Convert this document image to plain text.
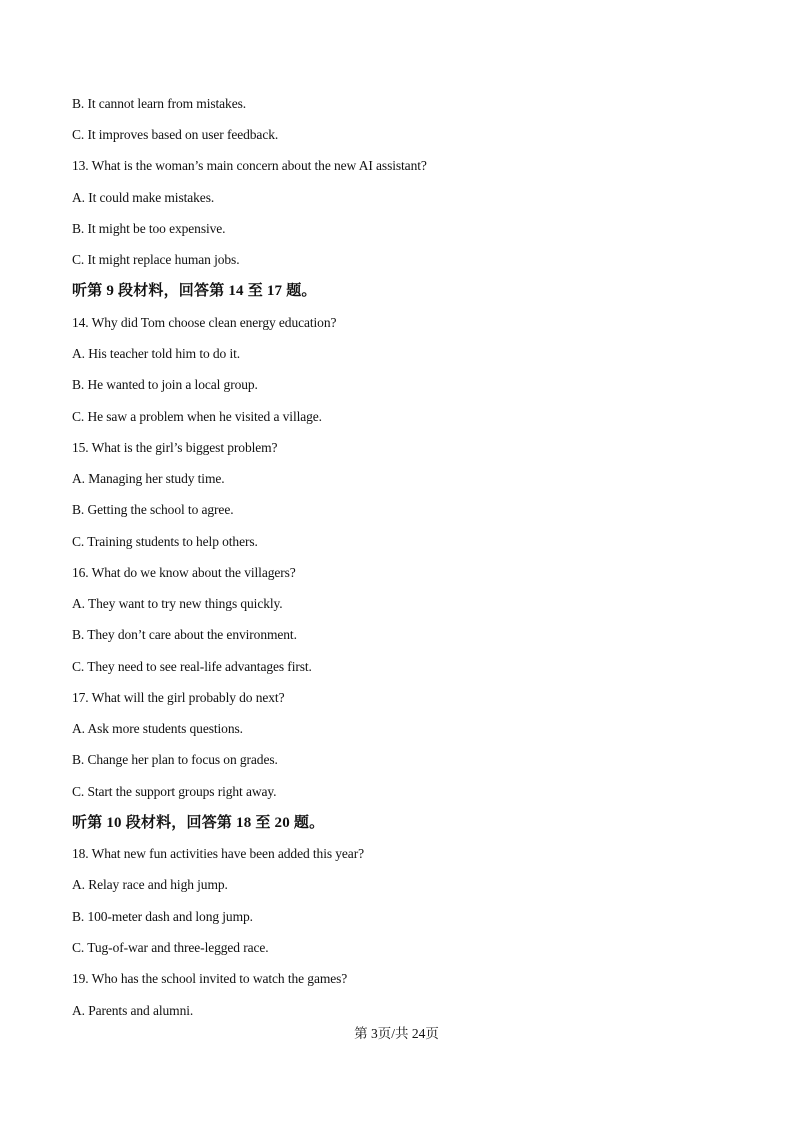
B. It cannot learn from mistakes.
C. It improves based on user feedback.
13. What is the woman’s main concern about the new AI assistant?
A. It could make mistakes.
B. It might be too expensive.
C. It might replace human jobs.
听第 9 段材料，回答第 14 至 17 题。
14. Why did Tom choose clean energy education?
A. His teacher told him to do it.
B. He wanted to join a local group.
C. He saw a problem when he visited a village.
15. What is the girl’s biggest problem?
A. Managing her study time.
B. Getting the school to agree.
C. Training students to help others.
16. What do we know about the villagers?
A. They want to try new things quickly.
B. They don’t care about the environment.
C. They need to see real-life advantages first.
17. What will the girl probably do next?
A. Ask more students questions.
B. Change her plan to focus on grades.
C. Start the support groups right away.
听第 10 段材料，回答第 18 至 20 题。
18. What new fun activities have been added this year?
A. Relay race and high jump.
B. 100-meter dash and long jump.
C. Tug-of-war and three-legged race.
19. Who has the school invited to watch the games?
A. Parents and alumni.
第 3页/共 24页
